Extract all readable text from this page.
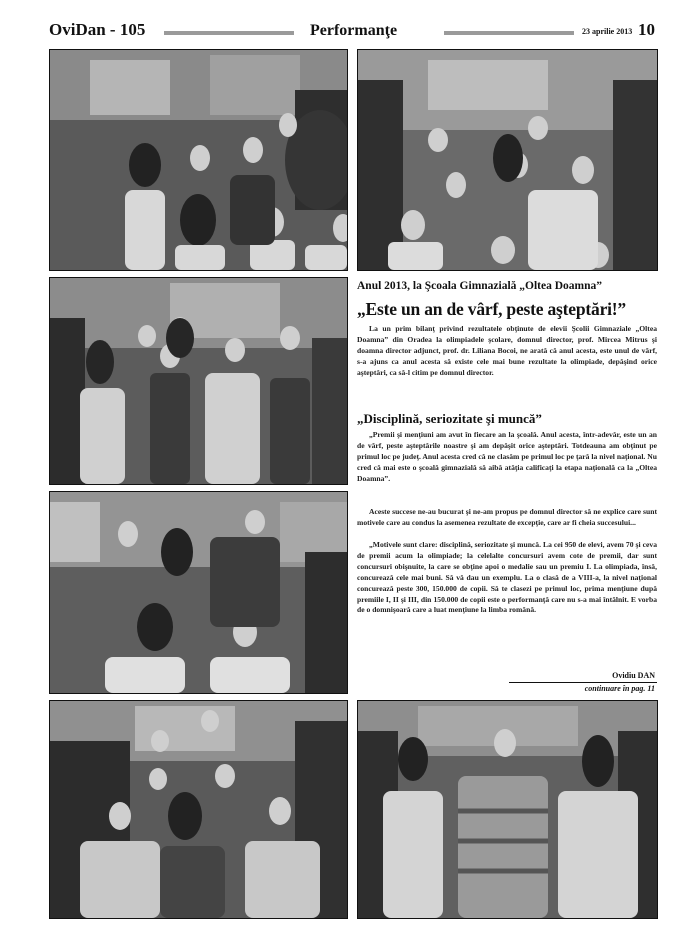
OviDan - 105	Performanţe	23 aprilie 2013 10
Anul 2013, la Şcoala Gimnazială „Oltea Doamna”
„Este un an de vârf, peste aşteptări!”

La un prim bilanţ privind rezultatele obţinute de elevii Şcolii Gimnaziale „Oltea Doamna” din Oradea la olimpiadele şcolare, domnul director, prof. Mircea Mitrus şi doamna director adjunct, prof. dr. Liliana Bocoi, ne arată că anul acesta, este unul de vârf, s-a ajuns ca anul acesta să existe cele mai bune rezultate la olimpiade, depăşind orice aşteptări, ca să-l citim pe domnul director.

„Disciplină, seriozitate şi muncă”

„Premii şi menţiuni am avut în fiecare an la şcoală. Anul acesta, într-adevăr, este un an de vârf, peste aşteptările noastre şi am depăşit orice aşteptări. Totdeauna am obţinut pe primul loc pe judeţ. Anul acesta cred că ne clasăm pe primul loc pe ţară la nivel naţional. Nu cred că mai este o şcoală gimnazială să aibă atâţia calificaţi la etapa naţională ca la „Oltea Doamna”.

Aceste succese ne-au bucurat şi ne-am propus pe domnul director să ne explice care sunt motivele care au condus la asemenea rezultate de excepţie, care ar fi cheia succesului...

„Motivele sunt clare: disciplină, seriozitate şi muncă. La cei 950 de elevi, avem 70 şi ceva de premii acum la olimpiade; la celelalte concursuri avem cote de premii, dar sunt concursuri obişnuite, la care se obţine apoi o medalie sau un premiu I. La olimpiada, însă, concurează cele mai buni. Să vă dau un exemplu. La o clasă de a VIII-a, la nivel naţional concurează peste 300, 150.000 de copii. Să te clasezi pe primul loc, prima menţiune după premiile I, II şi III, din 150.000 de copii este o performanţă care nu s-a mai întâlnit. E vorba de o domnişoară care a luat menţiune la limba română.

Ovidiu DAN
continuare în pag. 11
